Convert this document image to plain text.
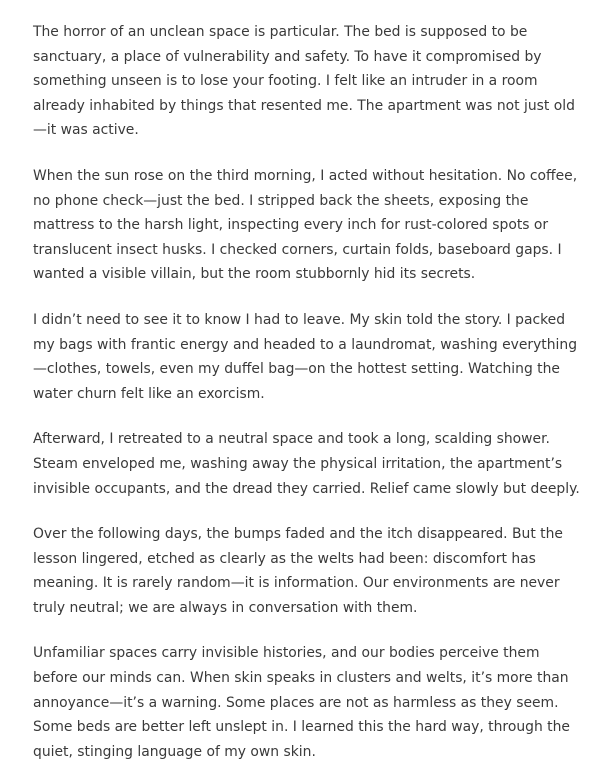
The horror of an unclean space is particular. The bed is supposed to be sanctuary, a place of vulnerability and safety. To have it compromised by something unseen is to lose your footing. I felt like an intruder in a room already inhabited by things that resented me. The apartment was not just old—it was active.

When the sun rose on the third morning, I acted without hesitation. No coffee, no phone check—just the bed. I stripped back the sheets, exposing the mattress to the harsh light, inspecting every inch for rust-colored spots or translucent insect husks. I checked corners, curtain folds, baseboard gaps. I wanted a visible villain, but the room stubbornly hid its secrets.

I didn’t need to see it to know I had to leave. My skin told the story. I packed my bags with frantic energy and headed to a laundromat, washing everything—clothes, towels, even my duffel bag—on the hottest setting. Watching the water churn felt like an exorcism.

Afterward, I retreated to a neutral space and took a long, scalding shower. Steam enveloped me, washing away the physical irritation, the apartment’s invisible occupants, and the dread they carried. Relief came slowly but deeply.

Over the following days, the bumps faded and the itch disappeared. But the lesson lingered, etched as clearly as the welts had been: discomfort has meaning. It is rarely random—it is information. Our environments are never truly neutral; we are always in conversation with them.

Unfamiliar spaces carry invisible histories, and our bodies perceive them before our minds can. When skin speaks in clusters and welts, it’s more than annoyance—it’s a warning. Some places are not as harmless as they seem. Some beds are better left unslept in. I learned this the hard way, through the quiet, stinging language of my own skin.
